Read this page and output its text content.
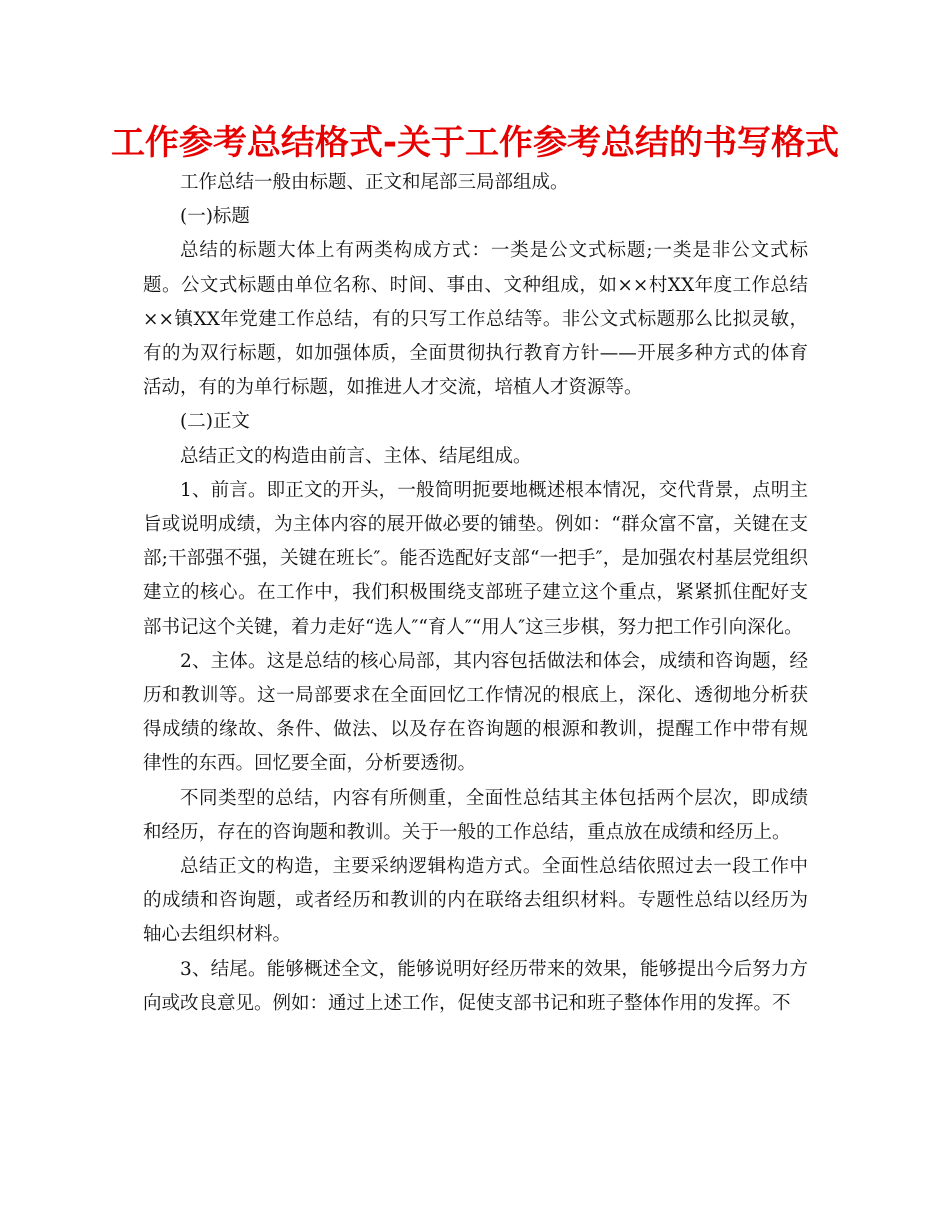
工作参考总结格式-关于工作参考总结的书写格式

工作总结一般由标题、正文和尾部三局部组成。

(一)标题

总结的标题大体上有两类构成方式：一类是公文式标题;一类是非公文式标题。公文式标题由单位名称、时间、事由、文种组成，如××村XX年度工作总结××镇XX年党建工作总结，有的只写工作总结等。非公文式标题那么比拟灵敏，有的为双行标题，如加强体质，全面贯彻执行教育方针——开展多种方式的体育活动，有的为单行标题，如推进人才交流，培植人才资源等。

(二)正文

总结正文的构造由前言、主体、结尾组成。

1、前言。即正文的开头，一般简明扼要地概述根本情况，交代背景，点明主旨或说明成绩，为主体内容的展开做必要的铺垫。例如：“群众富不富，关键在支部;干部强不强，关键在班长″。能否选配好支部“一把手″，是加强农村基层党组织建立的核心。在工作中，我们积极围绕支部班子建立这个重点，紧紧抓住配好支部书记这个关键，着力走好“选人″“育人″“用人″这三步棋，努力把工作引向深化。

2、主体。这是总结的核心局部，其内容包括做法和体会，成绩和咨询题，经历和教训等。这一局部要求在全面回忆工作情况的根底上，深化、透彻地分析获得成绩的缘故、条件、做法、以及存在咨询题的根源和教训，提醒工作中带有规律性的东西。回忆要全面，分析要透彻。

不同类型的总结，内容有所侧重，全面性总结其主体包括两个层次，即成绩和经历，存在的咨询题和教训。关于一般的工作总结，重点放在成绩和经历上。

总结正文的构造，主要采纳逻辑构造方式。全面性总结依照过去一段工作中的成绩和咨询题，或者经历和教训的内在联络去组织材料。专题性总结以经历为轴心去组织材料。

3、结尾。能够概述全文，能够说明好经历带来的效果，能够提出今后努力方向或改良意见。例如：通过上述工作，促使支部书记和班子整体作用的发挥。不
